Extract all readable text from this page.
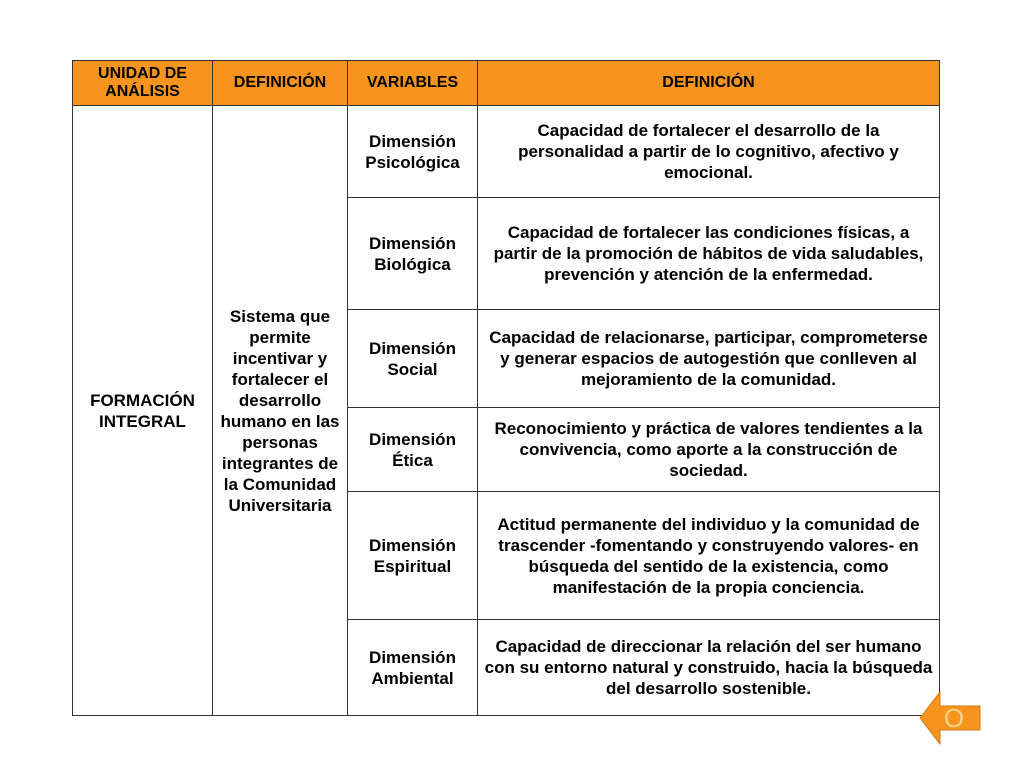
UNIDAD DE ANÁLISIS	DEFINICIÓN	VARIABLES	DEFINICIÓN
FORMACIÓN INTEGRAL	Sistema que permite incentivar y fortalecer el desarrollo humano en las personas integrantes de la Comunidad Universitaria	Dimensión Psicológica	Capacidad de fortalecer el desarrollo de la personalidad a partir de lo cognitivo, afectivo y emocional.
		Dimensión Biológica	Capacidad de fortalecer las condiciones físicas, a partir de la promoción de hábitos de vida saludables, prevención y atención de la enfermedad.
		Dimensión Social	Capacidad de relacionarse, participar, comprometerse y generar espacios de autogestión que conlleven al mejoramiento de la comunidad.
		Dimensión Ética	Reconocimiento y práctica de valores tendientes a la convivencia, como aporte a la construcción de sociedad.
		Dimensión Espiritual	Actitud permanente del individuo y la comunidad de trascender -fomentando y construyendo valores- en búsqueda del sentido de la existencia, como manifestación de la propia conciencia.
		Dimensión Ambiental	Capacidad de direccionar la relación del ser humano con su entorno natural y construido, hacia la búsqueda del desarrollo sostenible.
O
